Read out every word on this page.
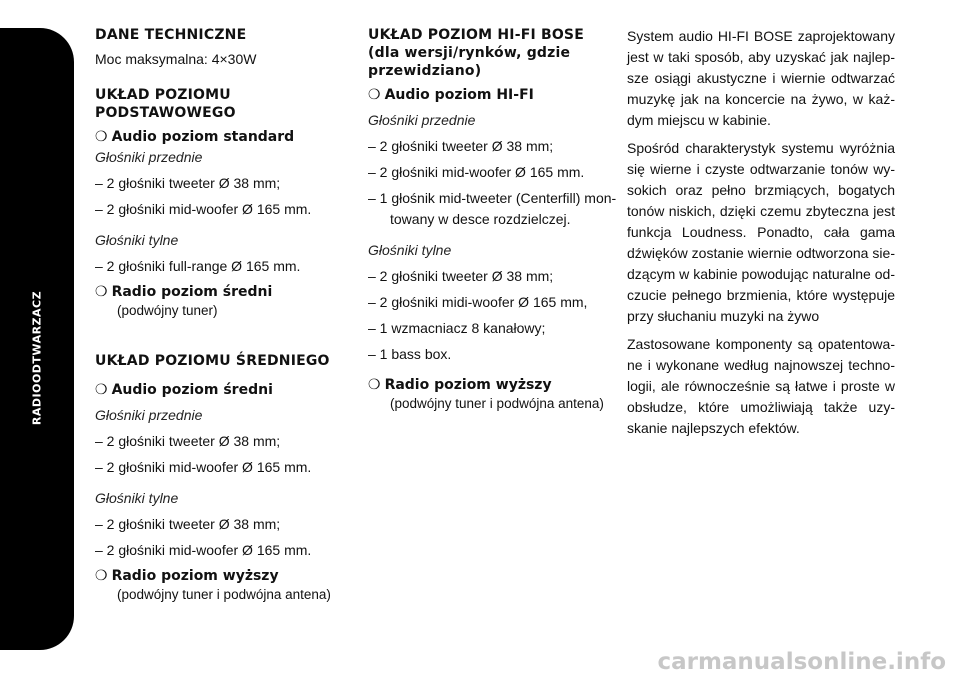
RADIOODTWARZACZ
250
DANE TECHNICZNE
Moc maksymalna: 4×30W
UKŁAD POZIOMU
PODSTAWOWEGO
❍ Audio poziom standard
Głośniki przednie
– 2 głośniki tweeter Ø 38 mm;
– 2 głośniki mid-woofer Ø 165 mm.
Głośniki tylne
– 2 głośniki full-range Ø 165 mm.
❍ Radio poziom średni
(podwójny tuner)
UKŁAD POZIOMU ŚREDNIEGO
❍ Audio poziom średni
Głośniki przednie
– 2 głośniki tweeter Ø 38 mm;
– 2 głośniki mid-woofer Ø 165 mm.
Głośniki tylne
– 2 głośniki tweeter Ø 38 mm;
– 2 głośniki mid-woofer Ø 165 mm.
❍ Radio poziom wyższy
(podwójny tuner i podwójna antena)
UKŁAD POZIOM HI-FI BOSE
(dla wersji/rynków, gdzie
przewidziano)
❍ Audio poziom HI-FI
Głośniki przednie
– 2 głośniki tweeter Ø 38 mm;
– 2 głośniki mid-woofer Ø 165 mm.
– 1 głośnik mid-tweeter (Centerfill) mon-
towany w desce rozdzielczej.
Głośniki tylne
– 2 głośniki tweeter Ø 38 mm;
– 2 głośniki midi-woofer Ø 165 mm,
– 1 wzmacniacz 8 kanałowy;
– 1 bass box.
❍ Radio poziom wyższy
(podwójny tuner i podwójna antena)

System audio HI-FI BOSE zaprojektowany jest w taki sposób, aby uzyskać jak najlepsze osiągi akustyczne i wiernie odtwarzać muzykę jak na koncercie na żywo, w każdym miejscu w kabinie.

Spośród charakterystyk systemu wyróżnia się wierne i czyste odtwarzanie tonów wysokich oraz pełno brzmiących, bogatych tonów niskich, dzięki czemu zbyteczna jest funkcja Loudness. Ponadto, cała gama dźwięków zostanie wiernie odtworzona siedzącym w kabinie powodując naturalne odczucie pełnego brzmienia, które występuje przy słuchaniu muzyki na żywo

Zastosowane komponenty są opatentowane i wykonane według najnowszej technologii, ale równocześnie są łatwe i proste w obsłudze, które umożliwiają także uzyskanie najlepszych efektów.

carmanualsonline.info
